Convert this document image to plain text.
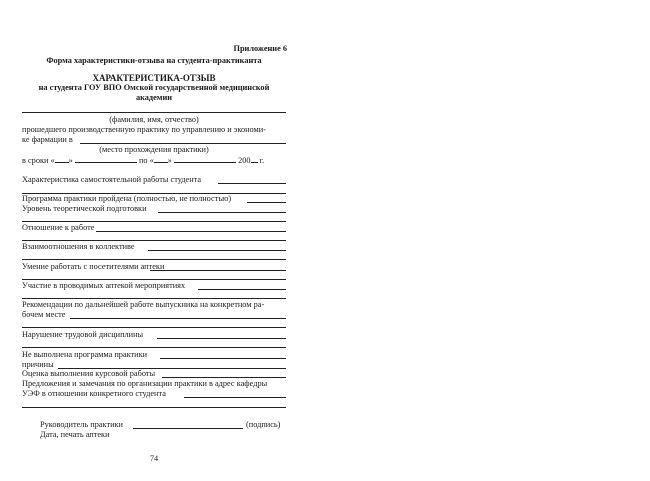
Приложение 6
Форма характеристики-отзыва на студента-практиканта
ХАРАКТЕРИСТИКА-ОТЗЫВ
на студента ГОУ ВПО Омской государственной медицинской
академии
(фамилия, имя, отчество)
прошедшего производственную практику по управлению и экономи-
ке фармации в
(место прохождения практики)
в сроки « »	по « »	200 г.
Характеристика самостоятельной работы студента
Программа практики пройдена (полностью, не полностью)
Уровень теоретической подготовки
Отношение к работе
Взаимоотношения в коллективе
Умение работать с посетителями аптеки
Участие в проводимых аптекой мероприятиях
Рекомендации по дальнейшей работе выпускника на конкретном ра-
бочем месте
Нарушение трудовой дисциплины
Не выполнена программа практики
причины
Оценка выполнения курсовой работы
Предложения и замечания по организации практики в адрес кафедры
УЭФ в отношении конкретного студента
Руководитель практики	(подпись)
Дата, печать аптеки
74
